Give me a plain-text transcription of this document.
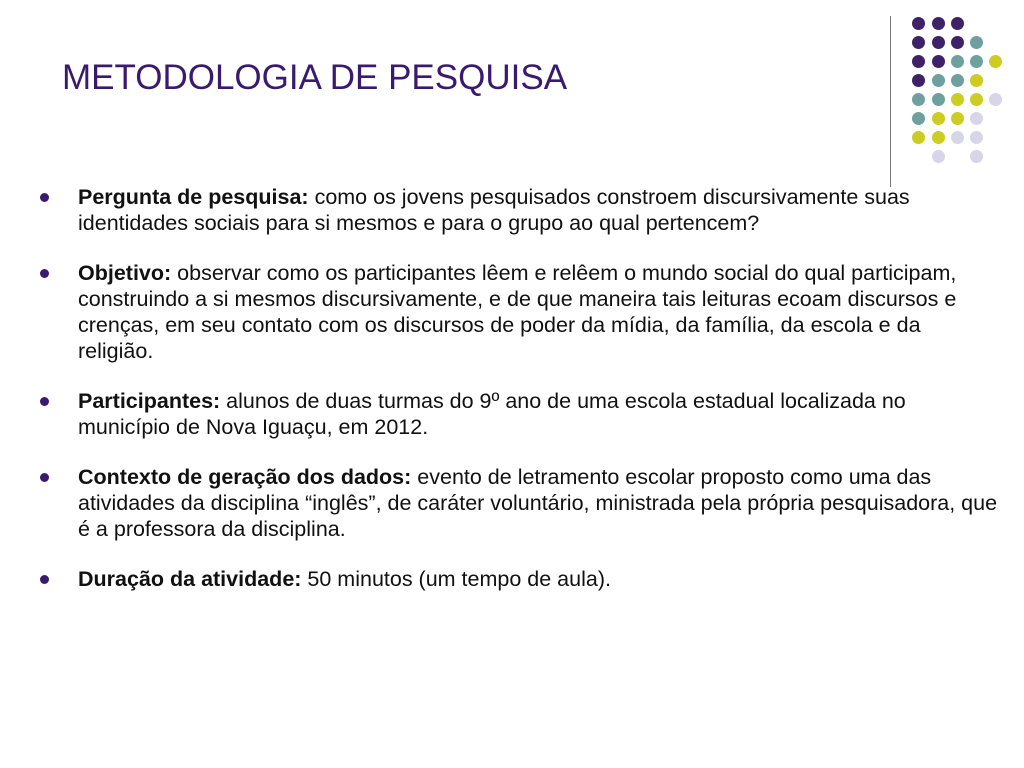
METODOLOGIA DE PESQUISA
Pergunta de pesquisa: como os jovens pesquisados constroem discursivamente suas identidades sociais para si mesmos e para o grupo ao qual pertencem?
Objetivo: observar como os participantes lêem e relêem o mundo social do qual participam, construindo a si mesmos discursivamente, e de que maneira tais leituras ecoam discursos e crenças, em seu contato com os discursos de poder da mídia, da família, da escola e da religião.
Participantes: alunos de duas turmas do 9º ano de uma escola estadual localizada no município de Nova Iguaçu, em 2012.
Contexto de geração dos dados: evento de letramento escolar proposto como uma das atividades da disciplina “inglês”, de caráter voluntário, ministrada pela própria pesquisadora, que é a professora da disciplina.
Duração da atividade: 50 minutos (um tempo de aula).
